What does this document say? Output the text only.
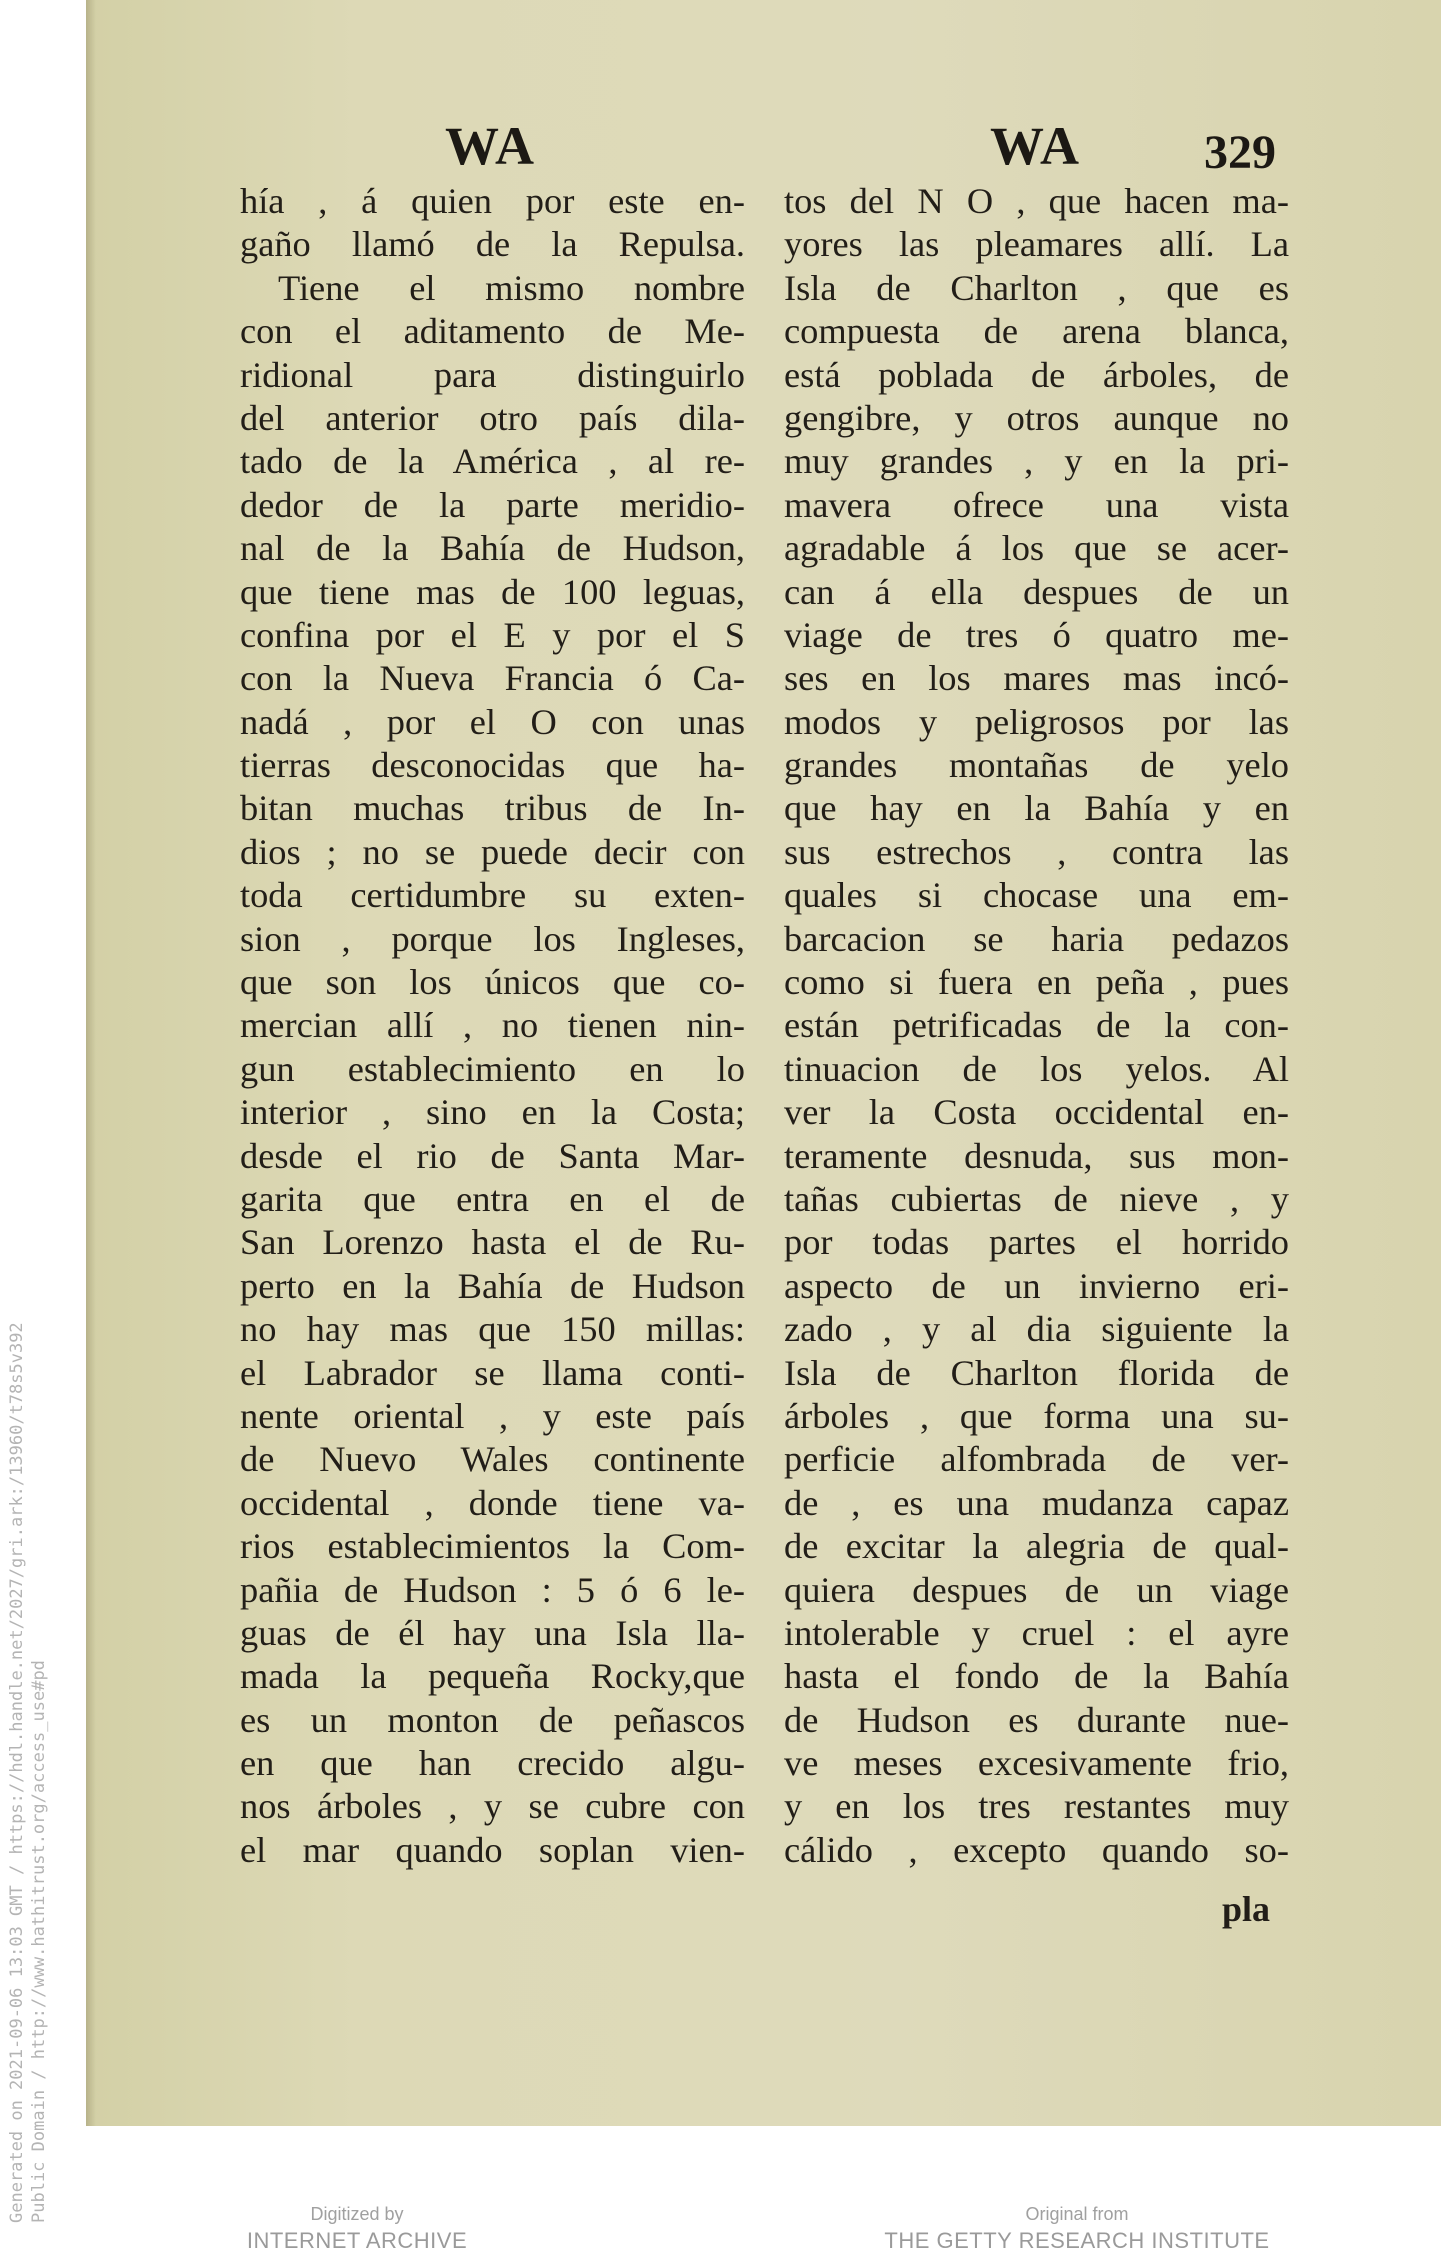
WA	WA	329
hía , á quien por este en-
gaño llamó de la Repulsa.
Tiene el mismo nombre
con el aditamento de Me-
ridional para distinguirlo
del anterior otro país dila-
tado de la América , al re-
dedor de la parte meridio-
nal de la Bahía de Hudson,
que tiene mas de 100 leguas,
confina por el E y por el S
con la Nueva Francia ó Ca-
nadá , por el O con unas
tierras desconocidas que ha-
bitan muchas tribus de In-
dios ; no se puede decir con
toda certidumbre su exten-
sion , porque los Ingleses,
que son los únicos que co-
mercian allí , no tienen nin-
gun establecimiento en lo
interior , sino en la Costa;
desde el rio de Santa Mar-
garita que entra en el de
San Lorenzo hasta el de Ru-
perto en la Bahía de Hudson
no hay mas que 150 millas:
el Labrador se llama conti-
nente oriental , y este país
de Nuevo Wales continente
occidental , donde tiene va-
rios establecimientos la Com-
pañia de Hudson : 5 ó 6 le-
guas de él hay una Isla lla-
mada la pequeña Rocky,que
es un monton de peñascos
en que han crecido algu-
nos árboles , y se cubre con
el mar quando soplan vien-
tos del N O , que hacen ma-
yores las pleamares allí. La
Isla de Charlton , que es
compuesta de arena blanca,
está poblada de árboles, de
gengibre, y otros aunque no
muy grandes , y en la pri-
mavera ofrece una vista
agradable á los que se acer-
can á ella despues de un
viage de tres ó quatro me-
ses en los mares mas incó-
modos y peligrosos por las
grandes montañas de yelo
que hay en la Bahía y en
sus estrechos , contra las
quales si chocase una em-
barcacion se haria pedazos
como si fuera en peña , pues
están petrificadas de la con-
tinuacion de los yelos. Al
ver la Costa occidental en-
teramente desnuda, sus mon-
tañas cubiertas de nieve , y
por todas partes el horrido
aspecto de un invierno eri-
zado , y al dia siguiente la
Isla de Charlton florida de
árboles , que forma una su-
perficie alfombrada de ver-
de , es una mudanza capaz
de excitar la alegria de qual-
quiera despues de un viage
intolerable y cruel : el ayre
hasta el fondo de la Bahía
de Hudson es durante nue-
ve meses excesivamente frio,
y en los tres restantes muy
cálido , excepto quando so-
pla
Digitized by
INTERNET ARCHIVE
Original from
THE GETTY RESEARCH INSTITUTE
Generated on 2021-09-06 13:03 GMT / https://hdl.handle.net/2027/gri.ark:/13960/t78s5v392 Public Domain / http://www.hathitrust.org/access_use#pd
